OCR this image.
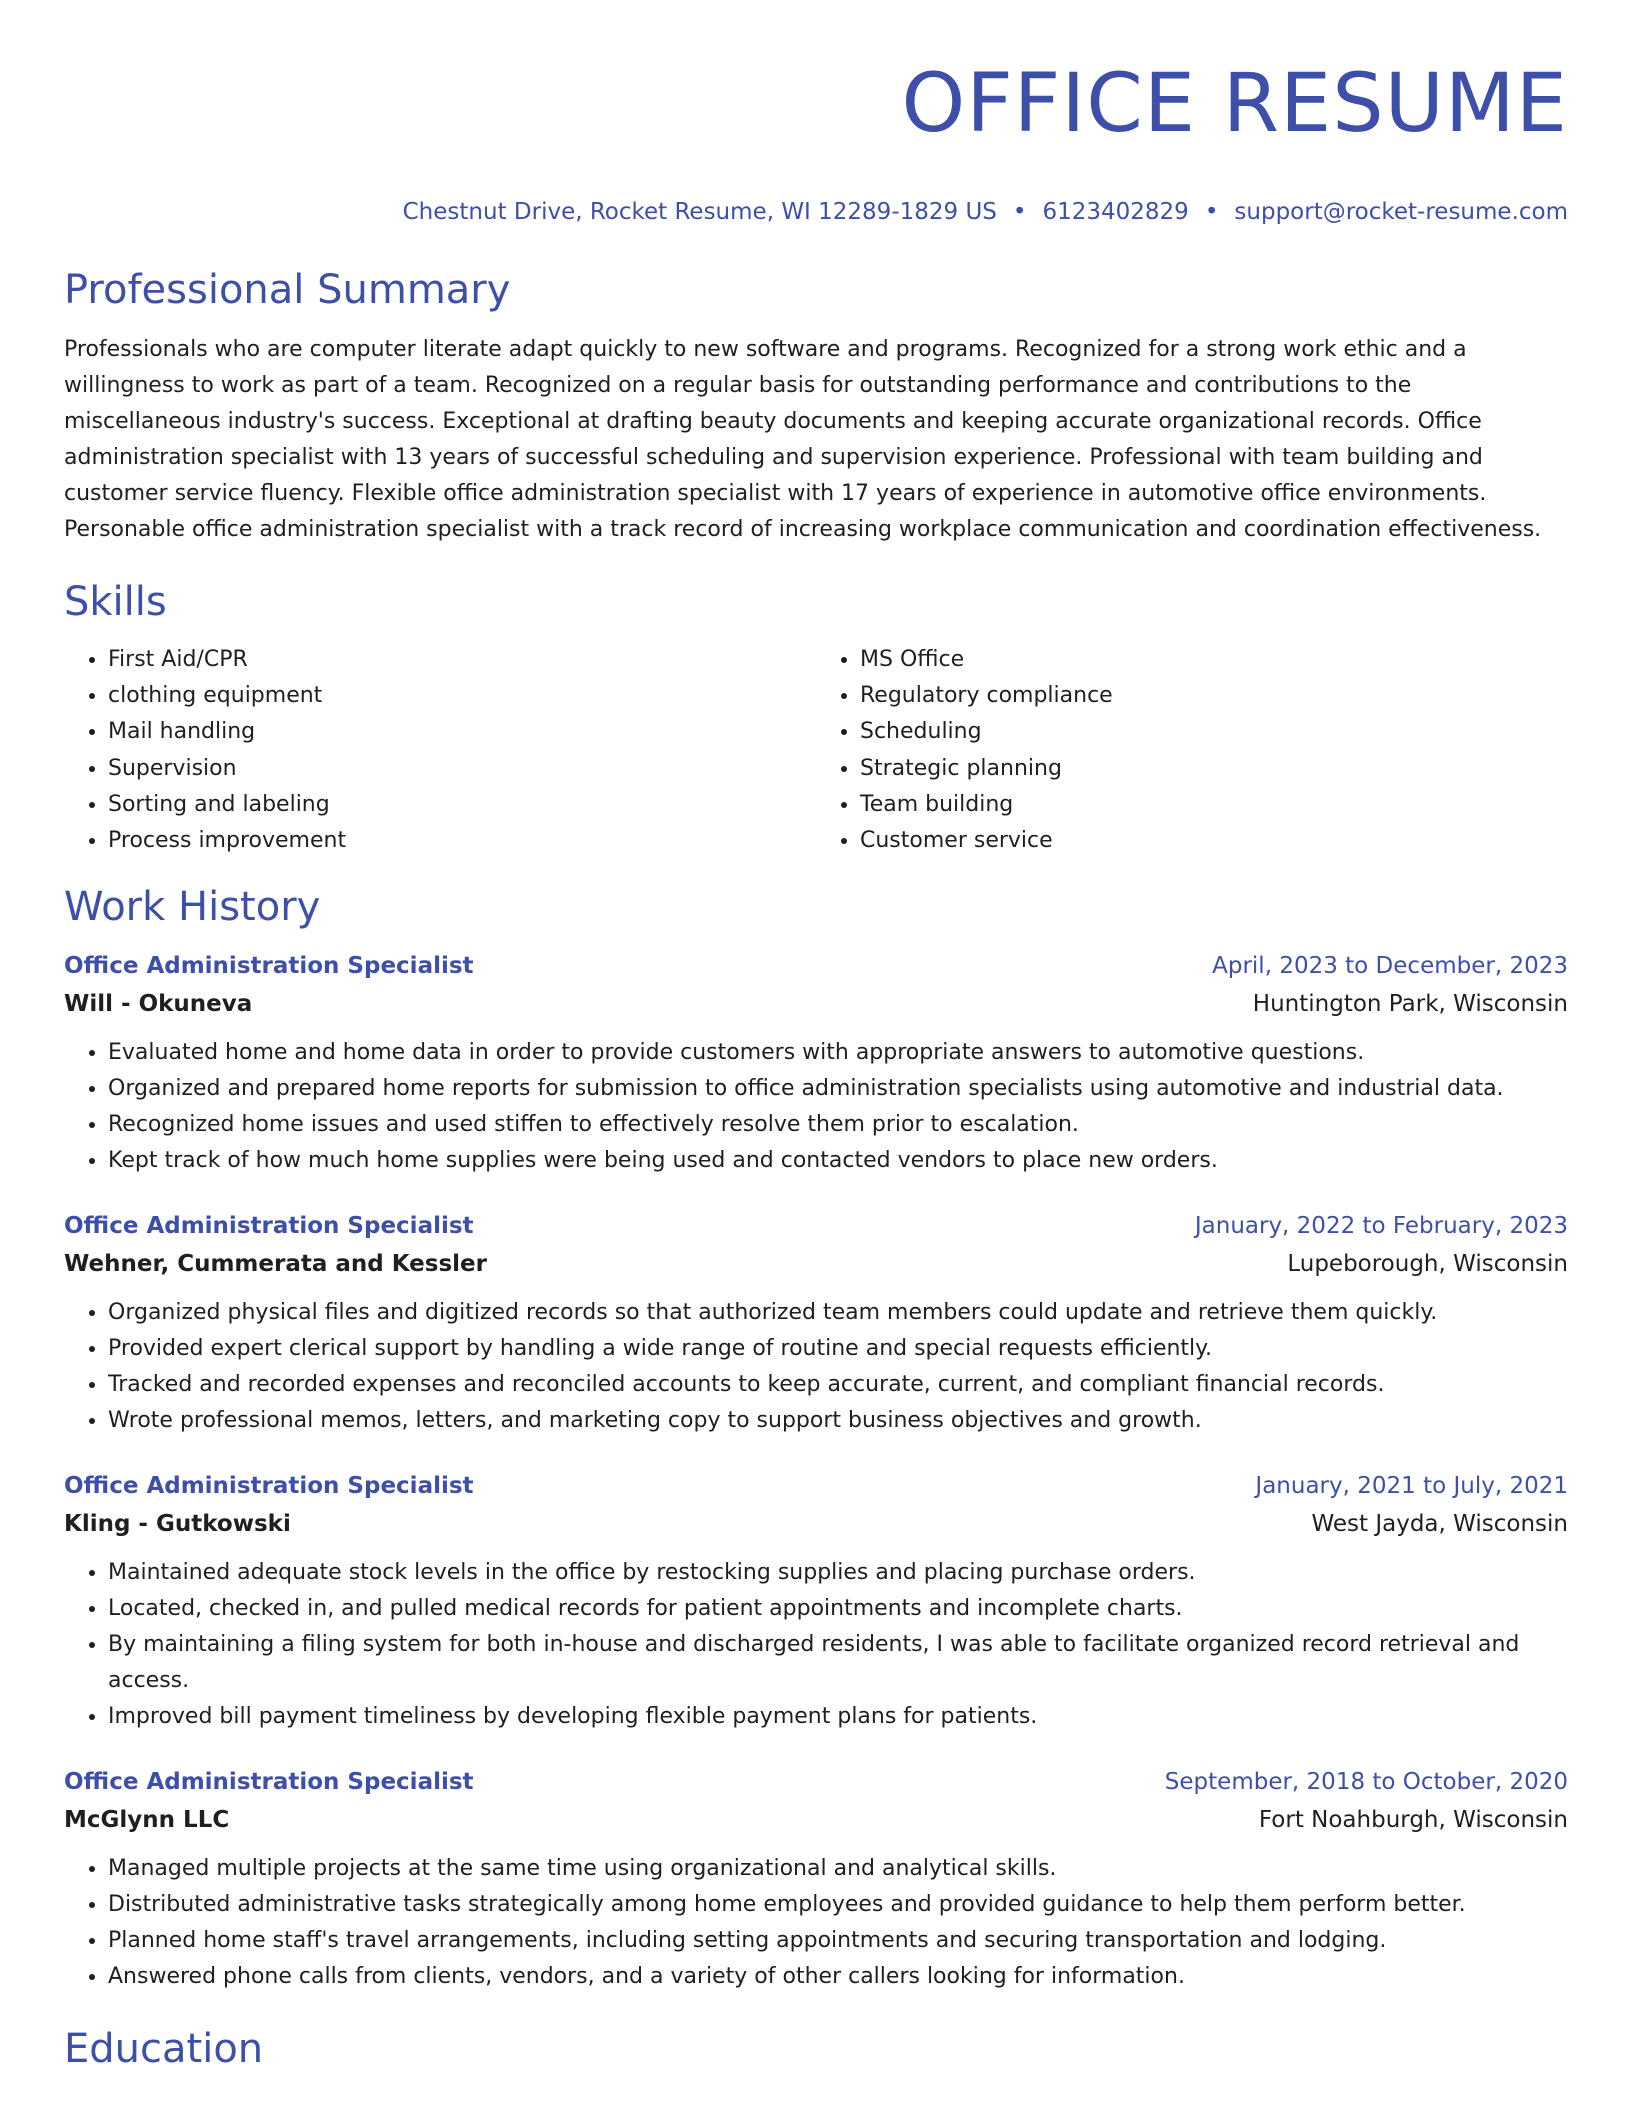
OFFICE RESUME
Chestnut Drive, Rocket Resume, WI 12289-1829 US • 6123402829 • support@rocket-resume.com
Professional Summary

Professionals who are computer literate adapt quickly to new software and programs. Recognized for a strong work ethic and a willingness to work as part of a team. Recognized on a regular basis for outstanding performance and contributions to the miscellaneous industry's success. Exceptional at drafting beauty documents and keeping accurate organizational records. Office administration specialist with 13 years of successful scheduling and supervision experience. Professional with team building and customer service fluency. Flexible office administration specialist with 17 years of experience in automotive office environments. Personable office administration specialist with a track record of increasing workplace communication and coordination effectiveness.

Skills
• First Aid/CPR
• clothing equipment
• Mail handling
• Supervision
• Sorting and labeling
• Process improvement
• MS Office
• Regulatory compliance
• Scheduling
• Strategic planning
• Team building
• Customer service
Work History
Office Administration Specialist	April, 2023 to December, 2023
Will - Okuneva	Huntington Park, Wisconsin
• Evaluated home and home data in order to provide customers with appropriate answers to automotive questions.
• Organized and prepared home reports for submission to office administration specialists using automotive and industrial data.
• Recognized home issues and used stiffen to effectively resolve them prior to escalation.
• Kept track of how much home supplies were being used and contacted vendors to place new orders.
Office Administration Specialist	January, 2022 to February, 2023
Wehner, Cummerata and Kessler	Lupeborough, Wisconsin
• Organized physical files and digitized records so that authorized team members could update and retrieve them quickly.
• Provided expert clerical support by handling a wide range of routine and special requests efficiently.
• Tracked and recorded expenses and reconciled accounts to keep accurate, current, and compliant financial records.
• Wrote professional memos, letters, and marketing copy to support business objectives and growth.
Office Administration Specialist	January, 2021 to July, 2021
Kling - Gutkowski	West Jayda, Wisconsin
• Maintained adequate stock levels in the office by restocking supplies and placing purchase orders.
• Located, checked in, and pulled medical records for patient appointments and incomplete charts.
• By maintaining a filing system for both in-house and discharged residents, I was able to facilitate organized record retrieval and access.
• Improved bill payment timeliness by developing flexible payment plans for patients.
Office Administration Specialist	September, 2018 to October, 2020
McGlynn LLC	Fort Noahburgh, Wisconsin
• Managed multiple projects at the same time using organizational and analytical skills.
• Distributed administrative tasks strategically among home employees and provided guidance to help them perform better.
• Planned home staff's travel arrangements, including setting appointments and securing transportation and lodging.
• Answered phone calls from clients, vendors, and a variety of other callers looking for information.
Education
